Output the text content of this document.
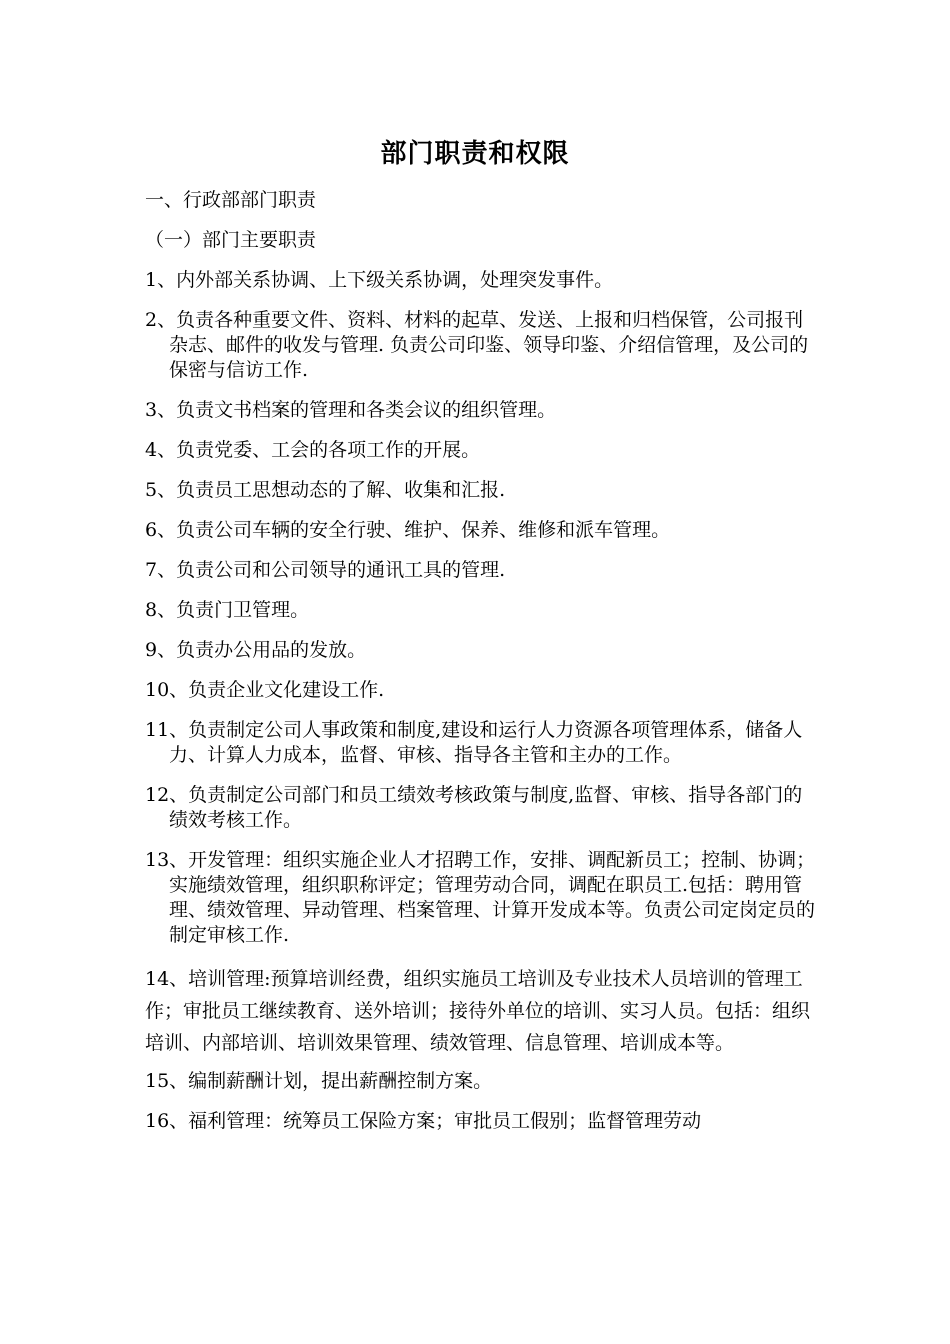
部门职责和权限

一、行政部部门职责

（一）部门主要职责

1、内外部关系协调、上下级关系协调，处理突发事件。

2、负责各种重要文件、资料、材料的起草、发送、上报和归档保管，公司报刊杂志、邮件的收发与管理. 负责公司印鉴、领导印鉴、介绍信管理，及公司的保密与信访工作.

3、负责文书档案的管理和各类会议的组织管理。

4、负责党委、工会的各项工作的开展。

5、负责员工思想动态的了解、收集和汇报.

6、负责公司车辆的安全行驶、维护、保养、维修和派车管理。

7、负责公司和公司领导的通讯工具的管理.

8、负责门卫管理。

9、负责办公用品的发放。

10、负责企业文化建设工作.

11、负责制定公司人事政策和制度,建设和运行人力资源各项管理体系，储备人力、计算人力成本，监督、审核、指导各主管和主办的工作。

12、负责制定公司部门和员工绩效考核政策与制度,监督、审核、指导各部门的绩效考核工作。

13、开发管理：组织实施企业人才招聘工作，安排、调配新员工；控制、协调；实施绩效管理，组织职称评定；管理劳动合同，调配在职员工.包括：聘用管理、绩效管理、异动管理、档案管理、计算开发成本等。负责公司定岗定员的制定审核工作.

14、培训管理:预算培训经费，组织实施员工培训及专业技术人员培训的管理工作；审批员工继续教育、送外培训；接待外单位的培训、实习人员。包括：组织培训、内部培训、培训效果管理、绩效管理、信息管理、培训成本等。

15、编制薪酬计划，提出薪酬控制方案。

16、福利管理：统筹员工保险方案；审批员工假别；监督管理劳动
